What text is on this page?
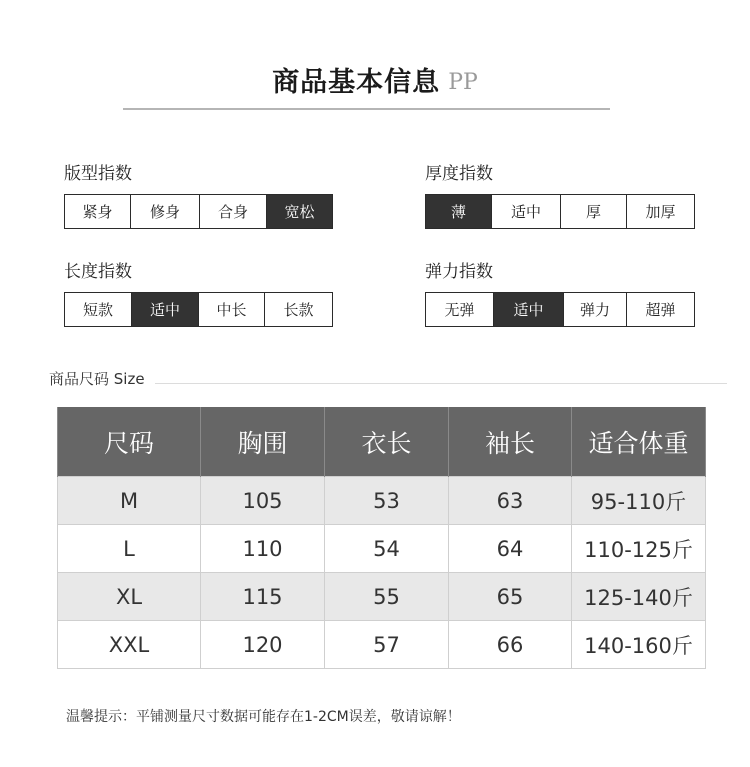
商品基本信息 PP
版型指数
紧身	修身	合身	宽松
厚度指数
薄	适中	厚	加厚
长度指数
短款	适中	中长	长款
弹力指数
无弹	适中	弹力	超弹
商品尺码 Size
尺码	胸围	衣长	袖长	适合体重
M	105	53	63	95-110斤
L	110	54	64	110-125斤
XL	115	55	65	125-140斤
XXL	120	57	66	140-160斤
温馨提示：平铺测量尺寸数据可能存在1-2CM误差，敬请谅解！
